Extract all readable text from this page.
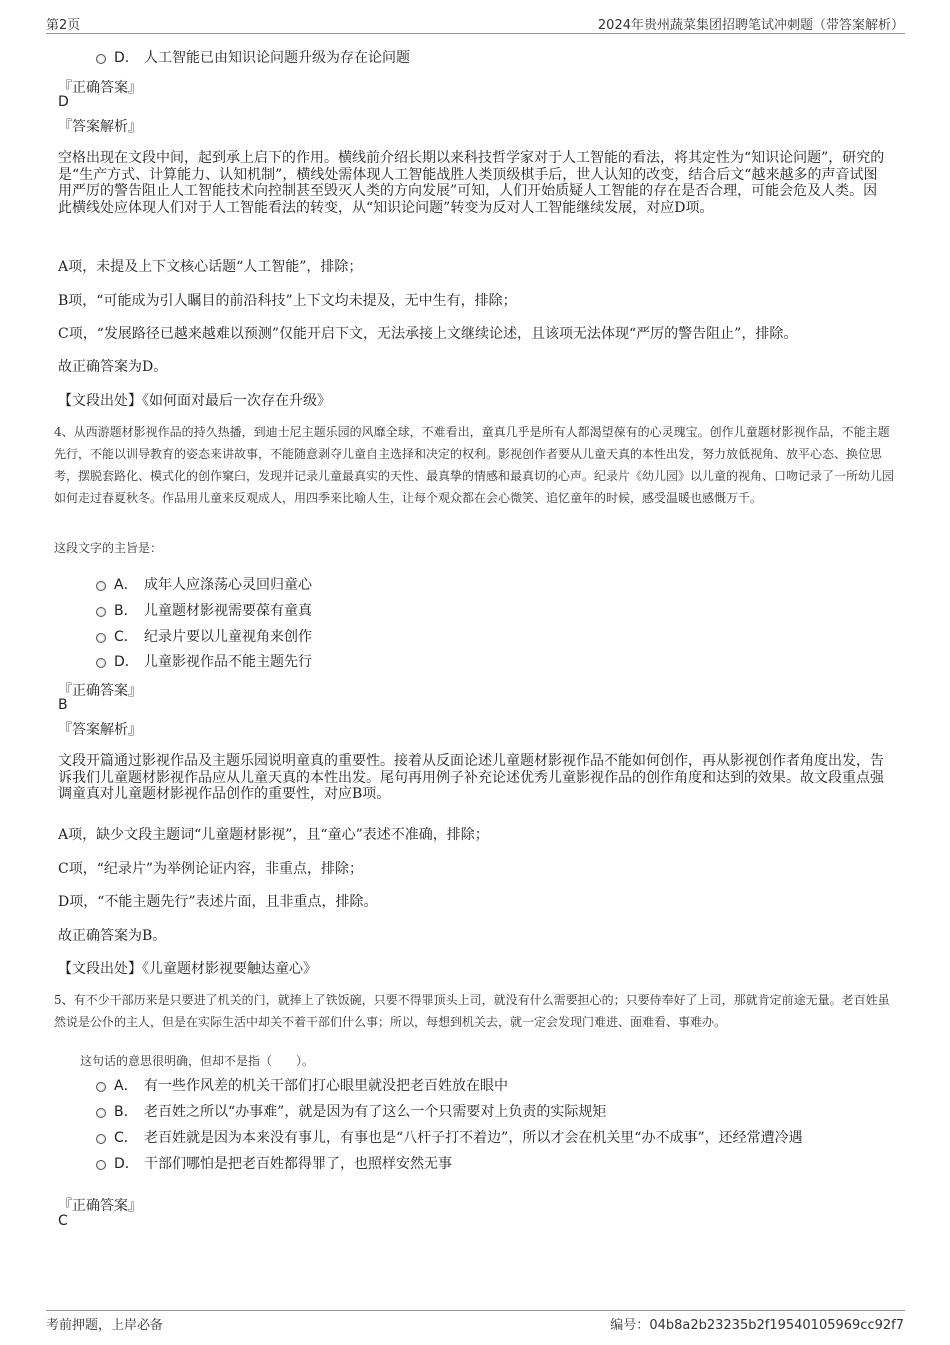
第2页	2024年贵州蔬菜集团招聘笔试冲刺题（带答案解析）
D． 人工智能已由知识论问题升级为存在论问题
『正确答案』
D
『答案解析』
空格出现在文段中间，起到承上启下的作用。横线前介绍长期以来科技哲学家对于人工智能的看法，将其定性为“知识论问题”，研究的是“生产方式、计算能力、认知机制”，横线处需体现人工智能战胜人类顶级棋手后，世人认知的改变，结合后文“越来越多的声音试图用严厉的警告阻止人工智能技术向控制甚至毁灭人类的方向发展”可知，人们开始质疑人工智能的存在是否合理，可能会危及人类。因此横线处应体现人们对于人工智能看法的转变，从“知识论问题”转变为反对人工智能继续发展，对应D项。
A项，未提及上下文核心话题“人工智能”，排除；
B项，“可能成为引人瞩目的前沿科技”上下文均未提及，无中生有，排除；
C项，“发展路径已越来越难以预测”仅能开启下文，无法承接上文继续论述，且该项无法体现“严厉的警告阻止”，排除。
故正确答案为D。
【文段出处】《如何面对最后一次存在升级》
4、从西游题材影视作品的持久热播，到迪士尼主题乐园的风靡全球，不难看出，童真几乎是所有人都渴望葆有的心灵瑰宝。创作儿童题材影视作品，不能主题先行，不能以训导教育的姿态来讲故事，不能随意剥夺儿童自主选择和决定的权利。影视创作者要从儿童天真的本性出发，努力放低视角、放平心态、换位思考，摆脱套路化、模式化的创作窠臼，发现并记录儿童最真实的天性、最真挚的情感和最真切的心声。纪录片《幼儿园》以儿童的视角、口吻记录了一所幼儿园如何走过春夏秋冬。作品用儿童来反观成人，用四季来比喻人生，让每个观众都在会心微笑、追忆童年的时候，感受温暖也感慨万千。
这段文字的主旨是：
A． 成年人应涤荡心灵回归童心
B． 儿童题材影视需要葆有童真
C． 纪录片要以儿童视角来创作
D． 儿童影视作品不能主题先行
『正确答案』
B
『答案解析』
文段开篇通过影视作品及主题乐园说明童真的重要性。接着从反面论述儿童题材影视作品不能如何创作，再从影视创作者角度出发，告诉我们儿童题材影视作品应从儿童天真的本性出发。尾句再用例子补充论述优秀儿童影视作品的创作角度和达到的效果。故文段重点强调童真对儿童题材影视作品创作的重要性，对应B项。
A项，缺少文段主题词“儿童题材影视”，且“童心”表述不准确，排除；
C项，“纪录片”为举例论证内容，非重点，排除；
D项，“不能主题先行”表述片面，且非重点，排除。
故正确答案为B。
【文段出处】《儿童题材影视要触达童心》
5、有不少干部历来是只要进了机关的门，就捧上了铁饭碗，只要不得罪顶头上司，就没有什么需要担心的；只要侍奉好了上司，那就肯定前途无量。老百姓虽然说是公仆的主人，但是在实际生活中却关不着干部们什么事；所以，每想到机关去，就一定会发现门难进、面难看、事难办。
这句话的意思很明确，但却不是指（　　）。
A． 有一些作风差的机关干部们打心眼里就没把老百姓放在眼中
B． 老百姓之所以“办事难”，就是因为有了这么一个只需要对上负责的实际规矩
C． 老百姓就是因为本来没有事儿，有事也是“八杆子打不着边”，所以才会在机关里“办不成事”，还经常遭冷遇
D． 干部们哪怕是把老百姓都得罪了，也照样安然无事
『正确答案』
C
考前押题，上岸必备	编号：04b8a2b23235b2f19540105969cc92f7
